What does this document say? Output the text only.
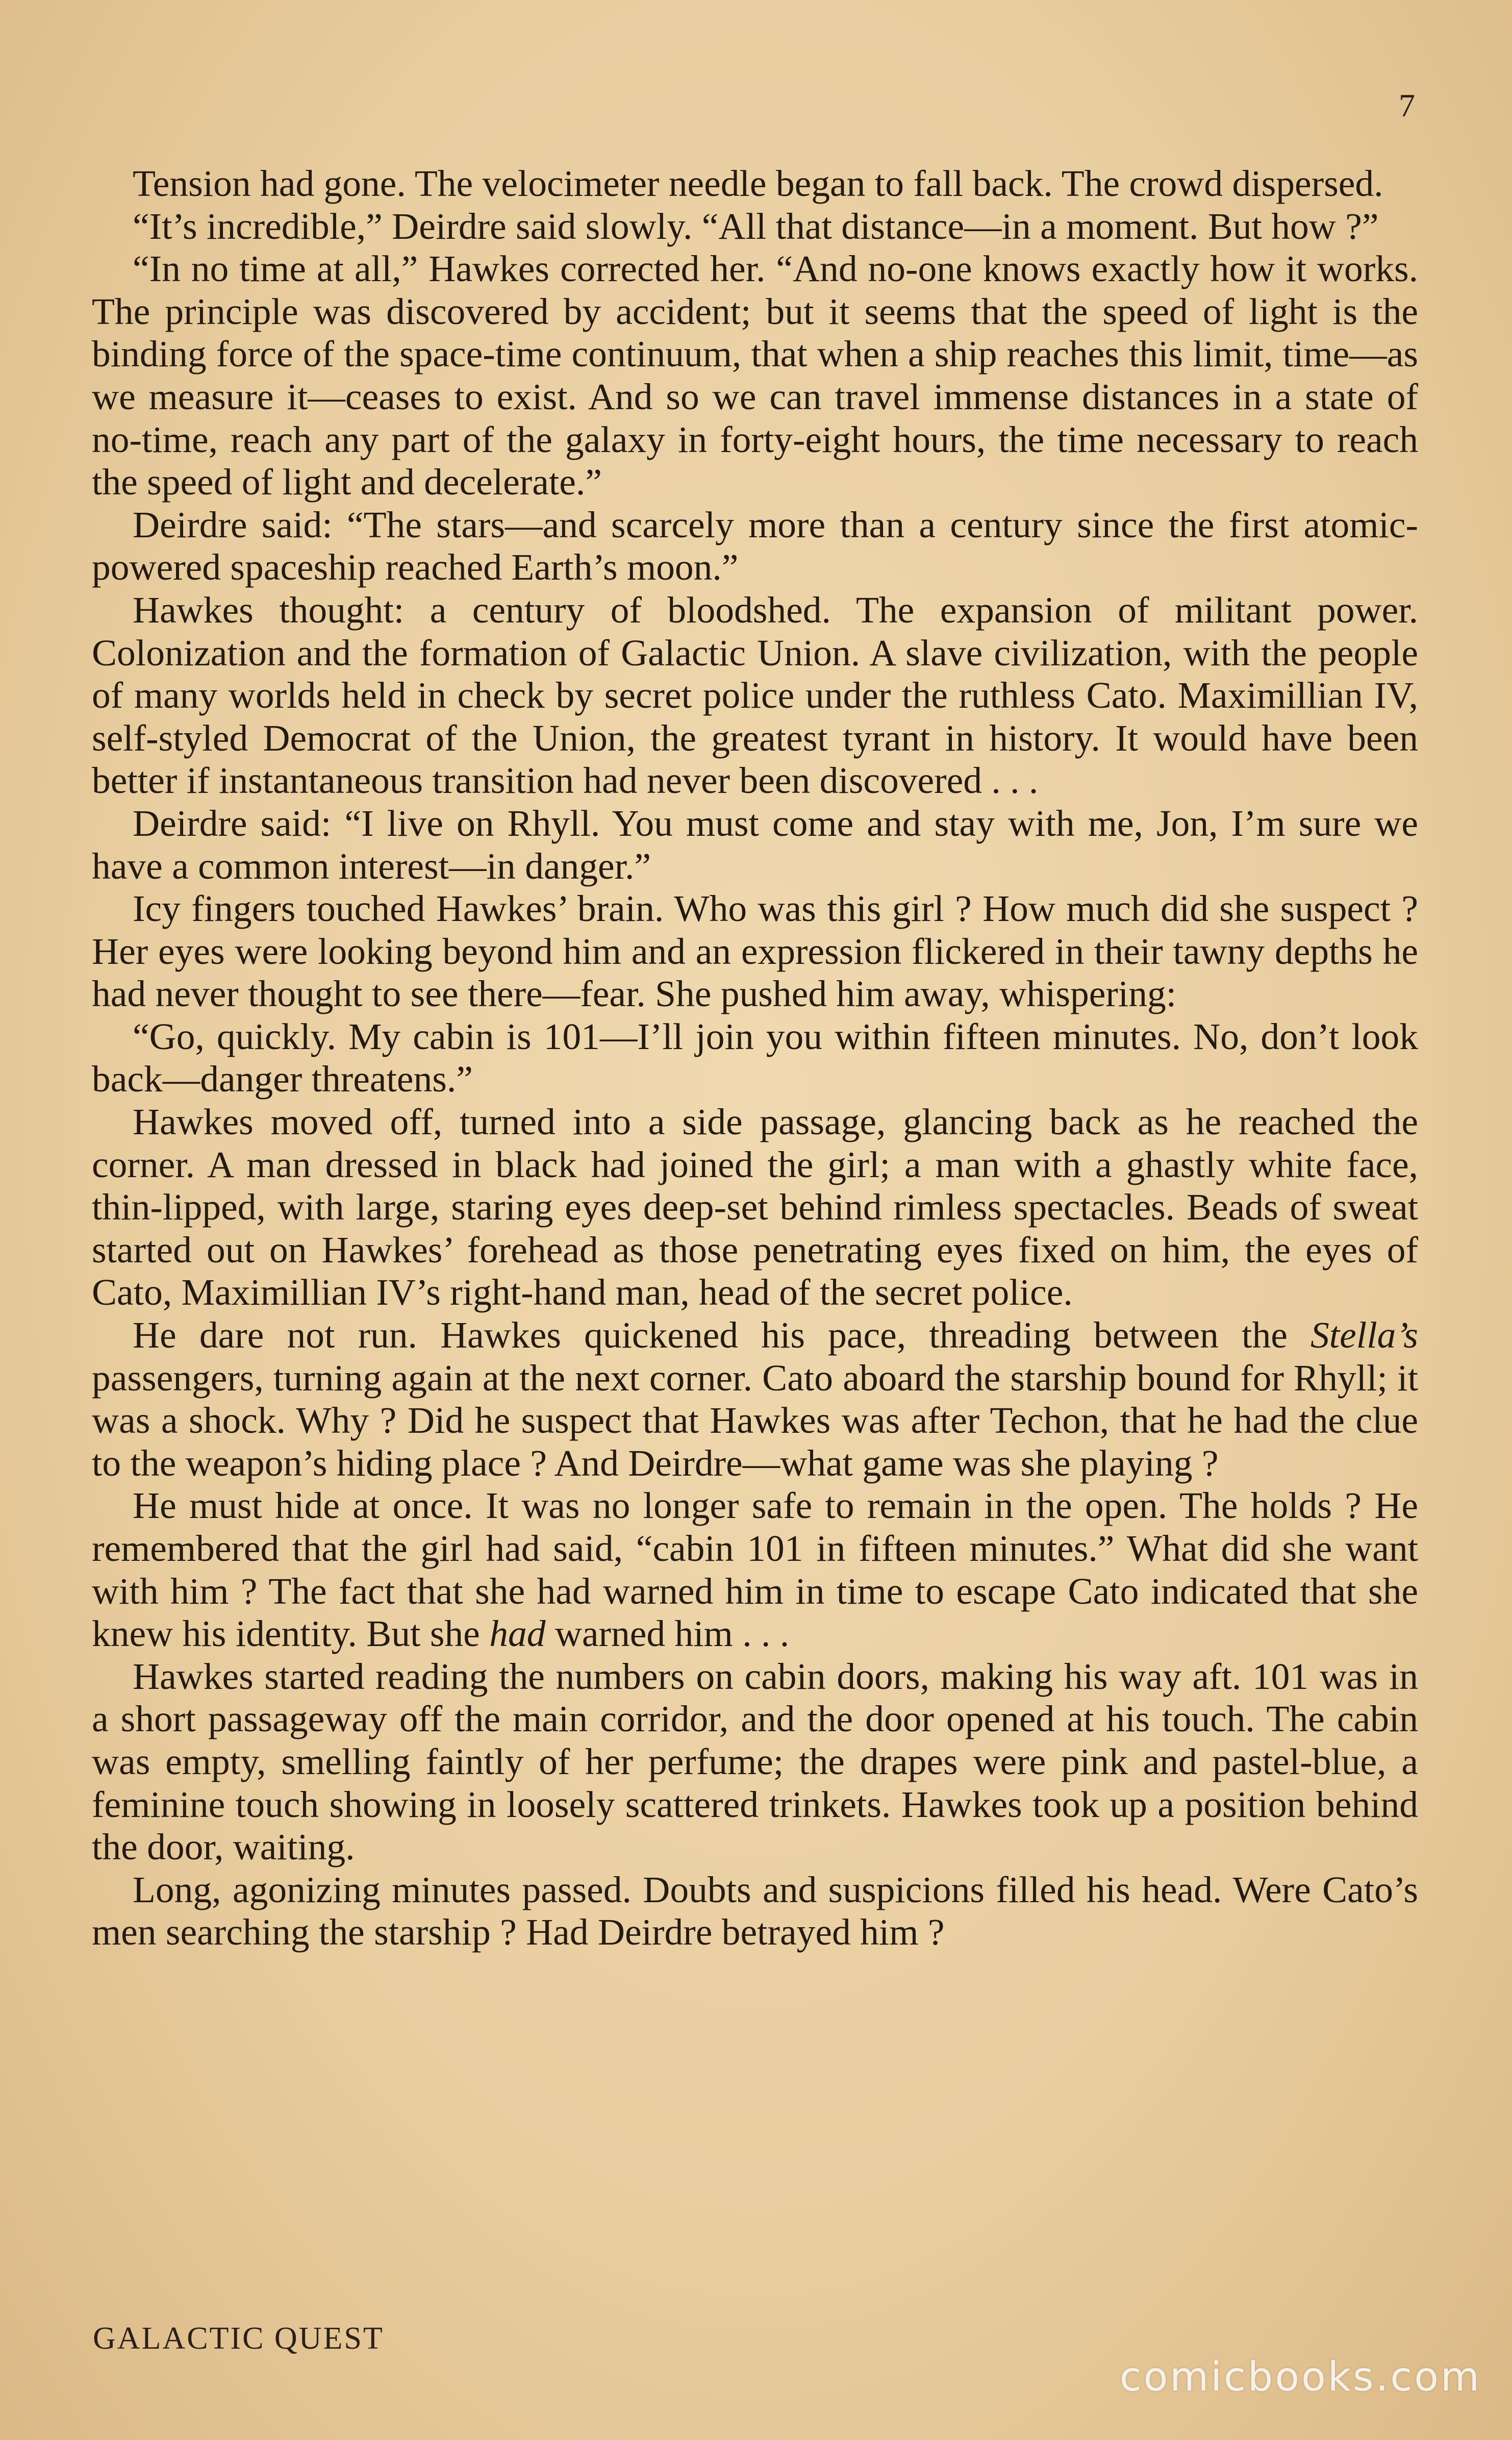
7

Tension had gone. The velocimeter needle began to fall back. The crowd dispersed.

“It’s incredible,” Deirdre said slowly. “All that distance—in a moment. But how ?”

“In no time at all,” Hawkes corrected her. “And no-one knows exactly how it works. The principle was discovered by accident; but it seems that the speed of light is the binding force of the space-time continuum, that when a ship reaches this limit, time—as we measure it—ceases to exist. And so we can travel immense distances in a state of no-time, reach any part of the galaxy in forty-eight hours, the time necessary to reach the speed of light and decelerate.”

Deirdre said: “The stars—and scarcely more than a century since the first atomic-powered spaceship reached Earth’s moon.”

Hawkes thought: a century of bloodshed. The expansion of militant power. Colonization and the formation of Galactic Union. A slave civilization, with the people of many worlds held in check by secret police under the ruthless Cato. Maximillian IV, self-styled Democrat of the Union, the greatest tyrant in history. It would have been better if instantaneous transition had never been discovered . . .

Deirdre said: “I live on Rhyll. You must come and stay with me, Jon, I’m sure we have a common interest—in danger.”

Icy fingers touched Hawkes’ brain. Who was this girl ? How much did she suspect ? Her eyes were looking beyond him and an expression flickered in their tawny depths he had never thought to see there—fear. She pushed him away, whispering:

“Go, quickly. My cabin is 101—I’ll join you within fifteen minutes. No, don’t look back—danger threatens.”

Hawkes moved off, turned into a side passage, glancing back as he reached the corner. A man dressed in black had joined the girl; a man with a ghastly white face, thin-lipped, with large, staring eyes deep-set behind rimless spectacles. Beads of sweat started out on Hawkes’ forehead as those penetrating eyes fixed on him, the eyes of Cato, Maximillian IV’s right-hand man, head of the secret police.

He dare not run. Hawkes quickened his pace, threading between the Stella’s passengers, turning again at the next corner. Cato aboard the starship bound for Rhyll; it was a shock. Why ? Did he suspect that Hawkes was after Techon, that he had the clue to the weapon’s hiding place ? And Deirdre—what game was she playing ?

He must hide at once. It was no longer safe to remain in the open. The holds ? He remembered that the girl had said, “cabin 101 in fifteen minutes.” What did she want with him ? The fact that she had warned him in time to escape Cato indicated that she knew his identity. But she had warned him . . .

Hawkes started reading the numbers on cabin doors, making his way aft. 101 was in a short passageway off the main corridor, and the door opened at his touch. The cabin was empty, smelling faintly of her perfume; the drapes were pink and pastel-blue, a feminine touch showing in loosely scattered trinkets. Hawkes took up a position behind the door, waiting.

Long, agonizing minutes passed. Doubts and suspicions filled his head. Were Cato’s men searching the starship ? Had Deirdre betrayed him ?

GALACTIC QUEST
comicbooks.com
